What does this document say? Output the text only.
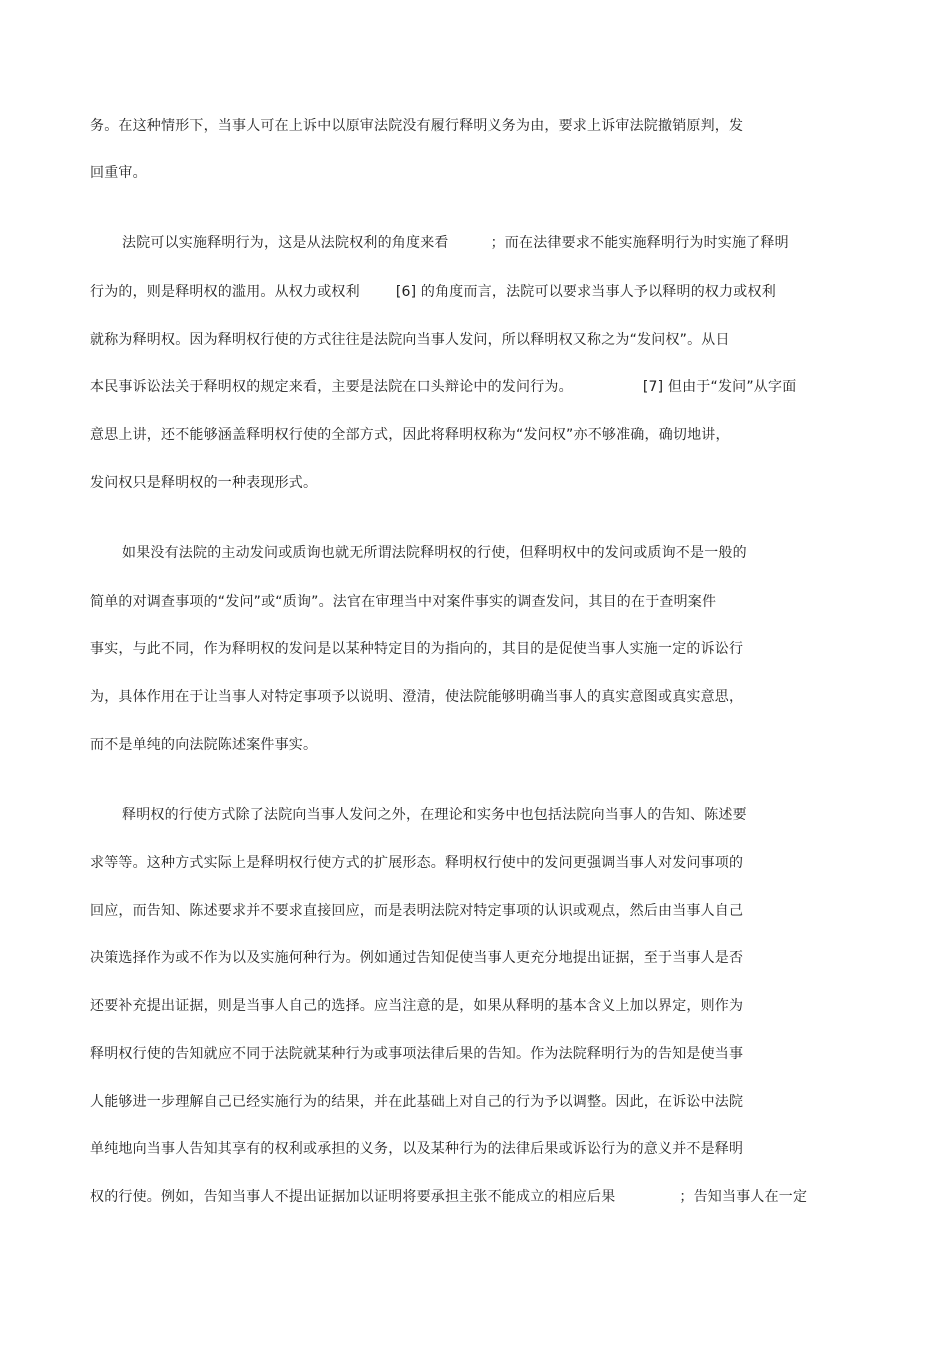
务。在这种情形下，当事人可在上诉中以原审法院没有履行释明义务为由，要求上诉审法院撤销原判，发
回重审。
法院可以实施释明行为，这是从法院权利的角度来看	；而在法律要求不能实施释明行为时实施了释明
行为的，则是释明权的滥用。从权力或权利	[6] 的角度而言，法院可以要求当事人予以释明的权力或权利
就称为释明权。因为释明权行使的方式往往是法院向当事人发问，所以释明权又称之为“发问权”。从日
本民事诉讼法关于释明权的规定来看，主要是法院在口头辩论中的发问行为。	[7] 但由于“发问”从字面
意思上讲，还不能够涵盖释明权行使的全部方式，因此将释明权称为“发问权”亦不够准确，确切地讲，
发问权只是释明权的一种表现形式。
如果没有法院的主动发问或质询也就无所谓法院释明权的行使，但释明权中的发问或质询不是一般的
简单的对调查事项的“发问”或“质询”。法官在审理当中对案件事实的调查发问，其目的在于查明案件
事实，与此不同，作为释明权的发问是以某种特定目的为指向的，其目的是促使当事人实施一定的诉讼行
为，具体作用在于让当事人对特定事项予以说明、澄清，使法院能够明确当事人的真实意图或真实意思，
而不是单纯的向法院陈述案件事实。
释明权的行使方式除了法院向当事人发问之外，在理论和实务中也包括法院向当事人的告知、陈述要
求等等。这种方式实际上是释明权行使方式的扩展形态。释明权行使中的发问更强调当事人对发问事项的
回应，而告知、陈述要求并不要求直接回应，而是表明法院对特定事项的认识或观点，然后由当事人自己
决策选择作为或不作为以及实施何种行为。例如通过告知促使当事人更充分地提出证据，至于当事人是否
还要补充提出证据，则是当事人自己的选择。应当注意的是，如果从释明的基本含义上加以界定，则作为
释明权行使的告知就应不同于法院就某种行为或事项法律后果的告知。作为法院释明行为的告知是使当事
人能够进一步理解自己已经实施行为的结果，并在此基础上对自己的行为予以调整。因此，在诉讼中法院
单纯地向当事人告知其享有的权利或承担的义务，以及某种行为的法律后果或诉讼行为的意义并不是释明
权的行使。例如，告知当事人不提出证据加以证明将要承担主张不能成立的相应后果	；告知当事人在一定
